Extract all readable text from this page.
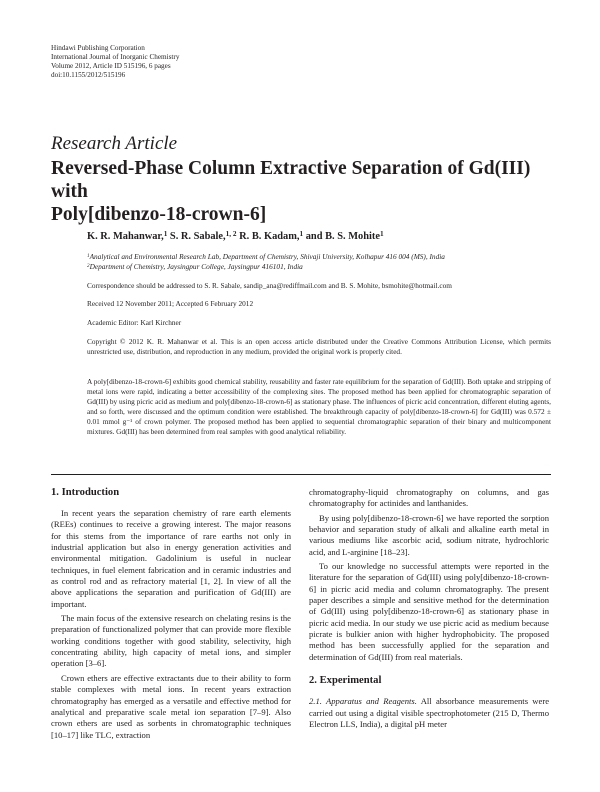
Hindawi Publishing Corporation
International Journal of Inorganic Chemistry
Volume 2012, Article ID 515196, 6 pages
doi:10.1155/2012/515196
Research Article
Reversed-Phase Column Extractive Separation of Gd(III) with
Poly[dibenzo-18-crown-6]
K. R. Mahanwar,$^1$ S. R. Sabale,$^{1, 2}$ R. B. Kadam,$^1$ and B. S. Mohite$^1$
$^1$Analytical and Environmental Research Lab, Department of Chemistry, Shivaji University, Kolhapur 416 004 (MS), India
$^2$Department of Chemistry, Jaysingpur College, Jaysingpur 416101, India
Correspondence should be addressed to S. R. Sabale, sandip_ana@rediffmail.com and B. S. Mohite, bsmohite@hotmail.com
Received 12 November 2011; Accepted 6 February 2012
Academic Editor: Karl Kirchner
Copyright © 2012 K. R. Mahanwar et al. This is an open access article distributed under the Creative Commons Attribution License, which permits unrestricted use, distribution, and reproduction in any medium, provided the original work is properly cited.
A poly[dibenzo-18-crown-6] exhibits good chemical stability, reusability and faster rate equilibrium for the separation of Gd(III). Both uptake and stripping of metal ions were rapid, indicating a better accessibility of the complexing sites. The proposed method has been applied for chromatographic separation of Gd(III) by using picric acid as medium and poly[dibenzo-18-crown-6] as stationary phase. The influences of picric acid concentration, different eluting agents, and so forth, were discussed and the optimum condition were established. The breakthrough capacity of poly[dibenzo-18-crown-6] for Gd(III) was 0.572 ± 0.01 mmol g⁻¹ of crown polymer. The proposed method has been applied to sequential chromatographic separation of their binary and multicomponent mixtures. Gd(III) has been determined from real samples with good analytical reliability.
1. Introduction

In recent years the separation chemistry of rare earth elements (REEs) continues to receive a growing interest. The major reasons for this stems from the importance of rare earths not only in industrial application but also in energy generation activities and environmental mitigation. Gadolinium is useful in nuclear techniques, in fuel element fabrication and in ceramic industries and as control rod and as refractory material [1, 2]. In view of all the above applications the separation and purification of Gd(III) are important.

The main focus of the extensive research on chelating resins is the preparation of functionalized polymer that can provide more flexible working conditions together with good stability, selectivity, high concentrating ability, high capacity of metal ions, and simpler operation [3–6].

Crown ethers are effective extractants due to their ability to form stable complexes with metal ions. In recent years extraction chromatography has emerged as a versatile and effective method for analytical and preparative scale metal ion separation [7–9]. Also crown ethers are used as sorbents in chromatographic techniques [10–17] like TLC, extraction

chromatography-liquid chromatography on columns, and gas chromatography for actinides and lanthanides.

By using poly[dibenzo-18-crown-6] we have reported the sorption behavior and separation study of alkali and alkaline earth metal in various mediums like ascorbic acid, sodium nitrate, hydrochloric acid, and L-arginine [18–23].

To our knowledge no successful attempts were reported in the literature for the separation of Gd(III) using poly[dibenzo-18-crown-6] in picric acid media and column chromatography. The present paper describes a simple and sensitive method for the determination of Gd(III) using poly[dibenzo-18-crown-6] as stationary phase in picric acid media. In our study we use picric acid as medium because picrate is bulkier anion with higher hydrophobicity. The proposed method has been successfully applied for the separation and determination of Gd(III) from real materials.

2. Experimental

2.1. Apparatus and Reagents. All absorbance measurements were carried out using a digital visible spectrophotometer (215 D, Thermo Electron LLS, India), a digital pH meter
